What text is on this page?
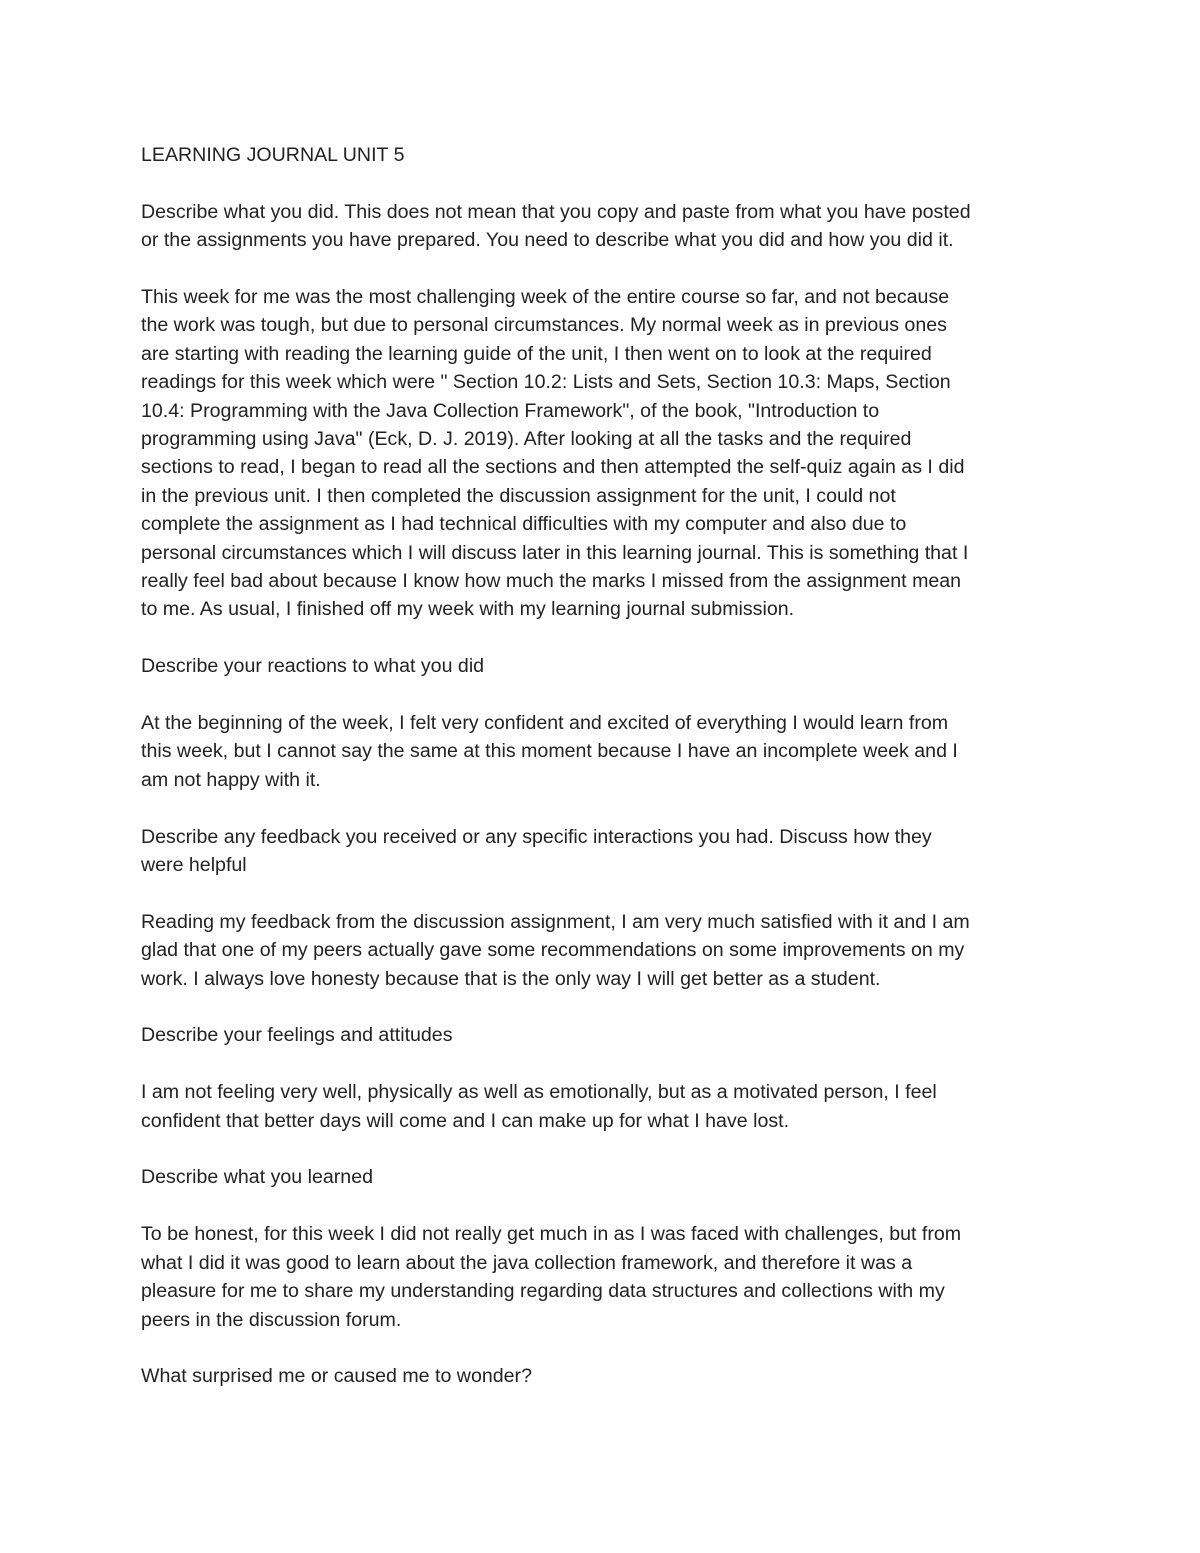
LEARNING JOURNAL UNIT 5

Describe what you did. This does not mean that you copy and paste from what you have posted
or the assignments you have prepared. You need to describe what you did and how you did it.

This week for me was the most challenging week of the entire course so far, and not because
the work was tough, but due to personal circumstances. My normal week as in previous ones
are starting with reading the learning guide of the unit, I then went on to look at the required
readings for this week which were " Section 10.2: Lists and Sets, Section 10.3: Maps, Section
10.4: Programming with the Java Collection Framework", of the book, "Introduction to
programming using Java" (Eck, D. J. 2019). After looking at all the tasks and the required
sections to read, I began to read all the sections and then attempted the self-quiz again as I did
in the previous unit. I then completed the discussion assignment for the unit, I could not
complete the assignment as I had technical difficulties with my computer and also due to
personal circumstances which I will discuss later in this learning journal. This is something that I
really feel bad about because I know how much the marks I missed from the assignment mean
to me. As usual, I finished off my week with my learning journal submission.

Describe your reactions to what you did

At the beginning of the week, I felt very confident and excited of everything I would learn from
this week, but I cannot say the same at this moment because I have an incomplete week and I
am not happy with it.

Describe any feedback you received or any specific interactions you had. Discuss how they
were helpful

Reading my feedback from the discussion assignment, I am very much satisfied with it and I am
glad that one of my peers actually gave some recommendations on some improvements on my
work. I always love honesty because that is the only way I will get better as a student.

Describe your feelings and attitudes

I am not feeling very well, physically as well as emotionally, but as a motivated person, I feel
confident that better days will come and I can make up for what I have lost.

Describe what you learned

To be honest, for this week I did not really get much in as I was faced with challenges, but from
what I did it was good to learn about the java collection framework, and therefore it was a
pleasure for me to share my understanding regarding data structures and collections with my
peers in the discussion forum.

What surprised me or caused me to wonder?
